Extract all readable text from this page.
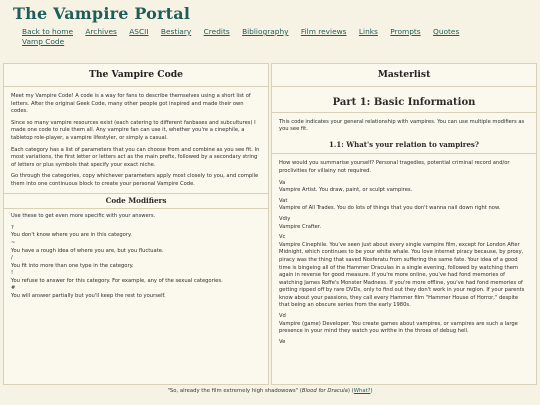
The Vampire Portal
Back to home Archives ASCII Bestiary Credits Bibliography Film reviews Links Prompts Quotes Vamp Code
The Vampire Code

Meet my Vampire Code! A code is a way for fans to describe themselves using a short list of letters. After the original Geek Code, many other people got inspired and made their own codes.

Since so many vampire resources exist (each catering to different fanbases and subcultures) I made one code to rule them all. Any vampire fan can use it, whether you're a cinephile, a tabletop role-player, a vampire lifestyler, or simply a casual.

Each category has a list of parameters that you can choose from and combine as you see fit. In most variations, the first letter or letters act as the main prefix, followed by a secondary string of letters or plus symbols that specify your exact niche.

Go through the categories, copy whichever parameters apply most closely to you, and compile them into one continuous block to create your personal Vampire Code.

Code Modifiers

Use these to get even more specific with your answers.

?
You don't know where you are in this category.
~
You have a rough idea of where you are, but you fluctuate.
/
You fit into more than one type in the category.
!
You refuse to answer for this category. For example, any of the sexual categories.
#
You will answer partially but you'll keep the rest to yourself.
Masterlist
Part 1: Basic Information

This code indicates your general relationship with vampires. You can use multiple modifiers as you see fit.

1.1: What's your relation to vampires?

How would you summarise yourself? Personal tragedies, potential criminal record and/or proclivities for villainy not required.

Va
Vampire Artist. You draw, paint, or sculpt vampires.
Vat
Vampire of All Trades. You do lots of things that you don't wanna nail down right now.
Vdiy
Vampire Crafter.
Vc
Vampire Cinephile. You've seen just about every single vampire film, except for London After Midnight, which continues to be your white whale. You love internet piracy because, by proxy, piracy was the thing that saved Nosferatu from suffering the same fate. Your idea of a good time is bingeing all of the Hammer Draculas in a single evening, followed by watching them again in reverse for good measure. If you're more online, you've had fond memories of watching James Roffe's Monster Madness. If you're more offline, you've had fond memories of getting ripped off by rare DVDs, only to find out they don't work in your region. If your parents know about your passions, they call every Hammer film "Hammer House of Horror," despite that being an obscure series from the early 1980s.
Vd
Vampire (game) Developer. You create games about vampires, or vampires are such a large presence in your mind they watch you writhe in the throes of debug hell.
Ve
"So, already the film extremely high shadowows" (Blood for Dracula) (What?)
